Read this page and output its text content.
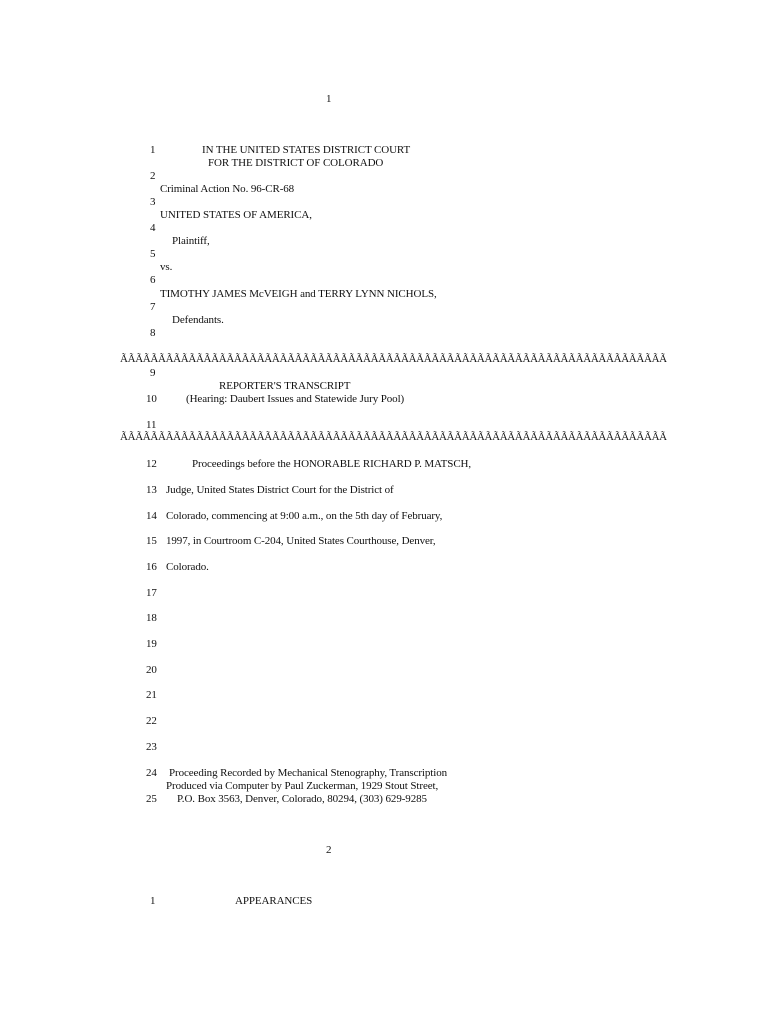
1
1	IN THE UNITED STATES DISTRICT COURT
FOR THE DISTRICT OF COLORADO
2
Criminal Action No. 96-CR-68
3
UNITED STATES OF AMERICA,
4
Plaintiff,
5
vs.
6
TIMOTHY JAMES McVEIGH and TERRY LYNN NICHOLS,
7
Defendants.
8
ÃÃÃÃÃÃÃÃÃÃÃÃÃÃÃÃÃÃÃÃÃÃÃÃÃÃÃÃÃÃÃÃÃÃÃÃÃÃÃÃÃÃÃÃÃÃÃÃÃÃÃÃÃÃÃÃÃÃÃÃÃÃÃÃÃÃÃÃÃÃÃÃ
9
REPORTER'S TRANSCRIPT
10	(Hearing: Daubert Issues and Statewide Jury Pool)
11
ÃÃÃÃÃÃÃÃÃÃÃÃÃÃÃÃÃÃÃÃÃÃÃÃÃÃÃÃÃÃÃÃÃÃÃÃÃÃÃÃÃÃÃÃÃÃÃÃÃÃÃÃÃÃÃÃÃÃÃÃÃÃÃÃÃÃÃÃÃÃÃÃ
12	Proceedings before the HONORABLE RICHARD P. MATSCH,
13 Judge, United States District Court for the District of
14 Colorado, commencing at 9:00 a.m., on the 5th day of February,
15 1997, in Courtroom C-204, United States Courthouse, Denver,
16 Colorado.
17
18
19
20
21
22
23
24 Proceeding Recorded by Mechanical Stenography, Transcription
Produced via Computer by Paul Zuckerman, 1929 Stout Street,
25 P.O. Box 3563, Denver, Colorado, 80294, (303) 629-9285
2
1	APPEARANCES
